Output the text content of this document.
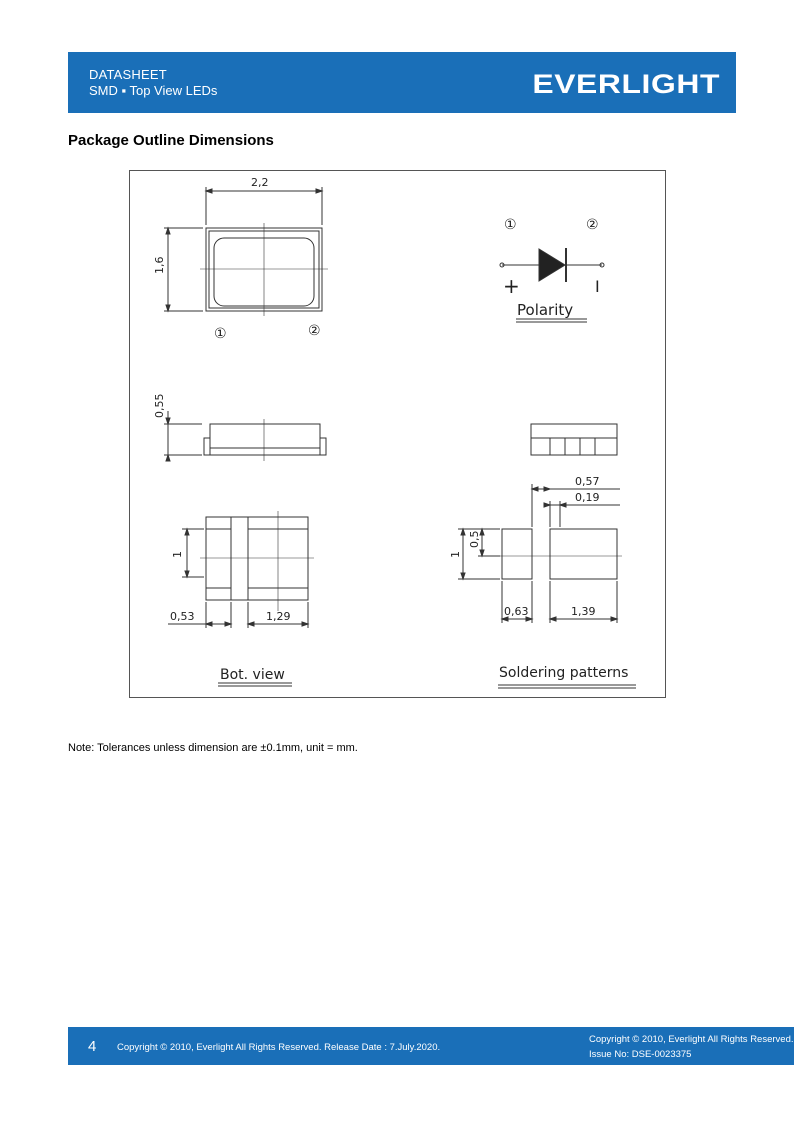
DATASHEET
SMD ▪ Top View LEDs	EVERLIGHT
Package Outline Dimensions
2,2
1,6
①	②
①	②
+	I
Polarity
0,55
1
0,53	1,29
Bot. view
0,57
0,19
1
0,5
0,63	1,39
Soldering patterns
Note: Tolerances unless dimension are ±0.1mm, unit = mm.
4 Copyright © 2010, Everlight All Rights Reserved. Release Date : 7.July.2020.
Copyright © 2010, Everlight All Rights Reserved.
Issue No: DSE-0023375
